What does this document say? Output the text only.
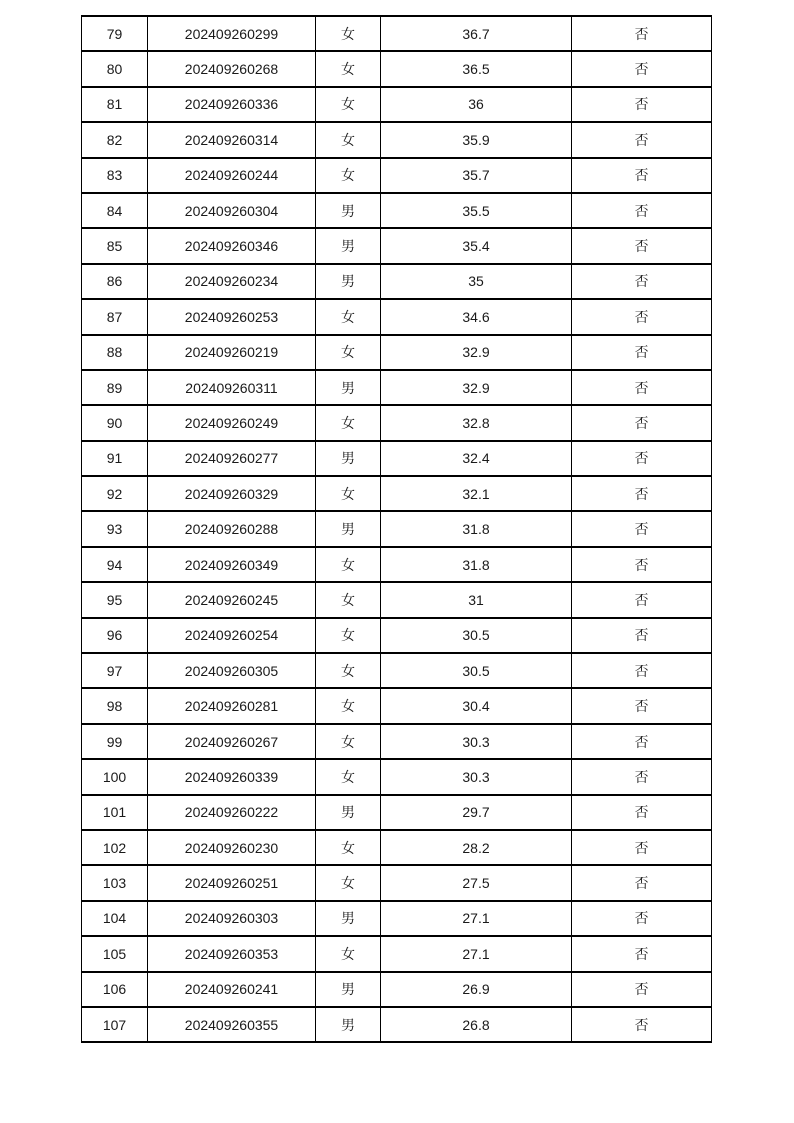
79	202409260299	女	36.7	否
80	202409260268	女	36.5	否
81	202409260336	女	36	否
82	202409260314	女	35.9	否
83	202409260244	女	35.7	否
84	202409260304	男	35.5	否
85	202409260346	男	35.4	否
86	202409260234	男	35	否
87	202409260253	女	34.6	否
88	202409260219	女	32.9	否
89	202409260311	男	32.9	否
90	202409260249	女	32.8	否
91	202409260277	男	32.4	否
92	202409260329	女	32.1	否
93	202409260288	男	31.8	否
94	202409260349	女	31.8	否
95	202409260245	女	31	否
96	202409260254	女	30.5	否
97	202409260305	女	30.5	否
98	202409260281	女	30.4	否
99	202409260267	女	30.3	否
100	202409260339	女	30.3	否
101	202409260222	男	29.7	否
102	202409260230	女	28.2	否
103	202409260251	女	27.5	否
104	202409260303	男	27.1	否
105	202409260353	女	27.1	否
106	202409260241	男	26.9	否
107	202409260355	男	26.8	否
